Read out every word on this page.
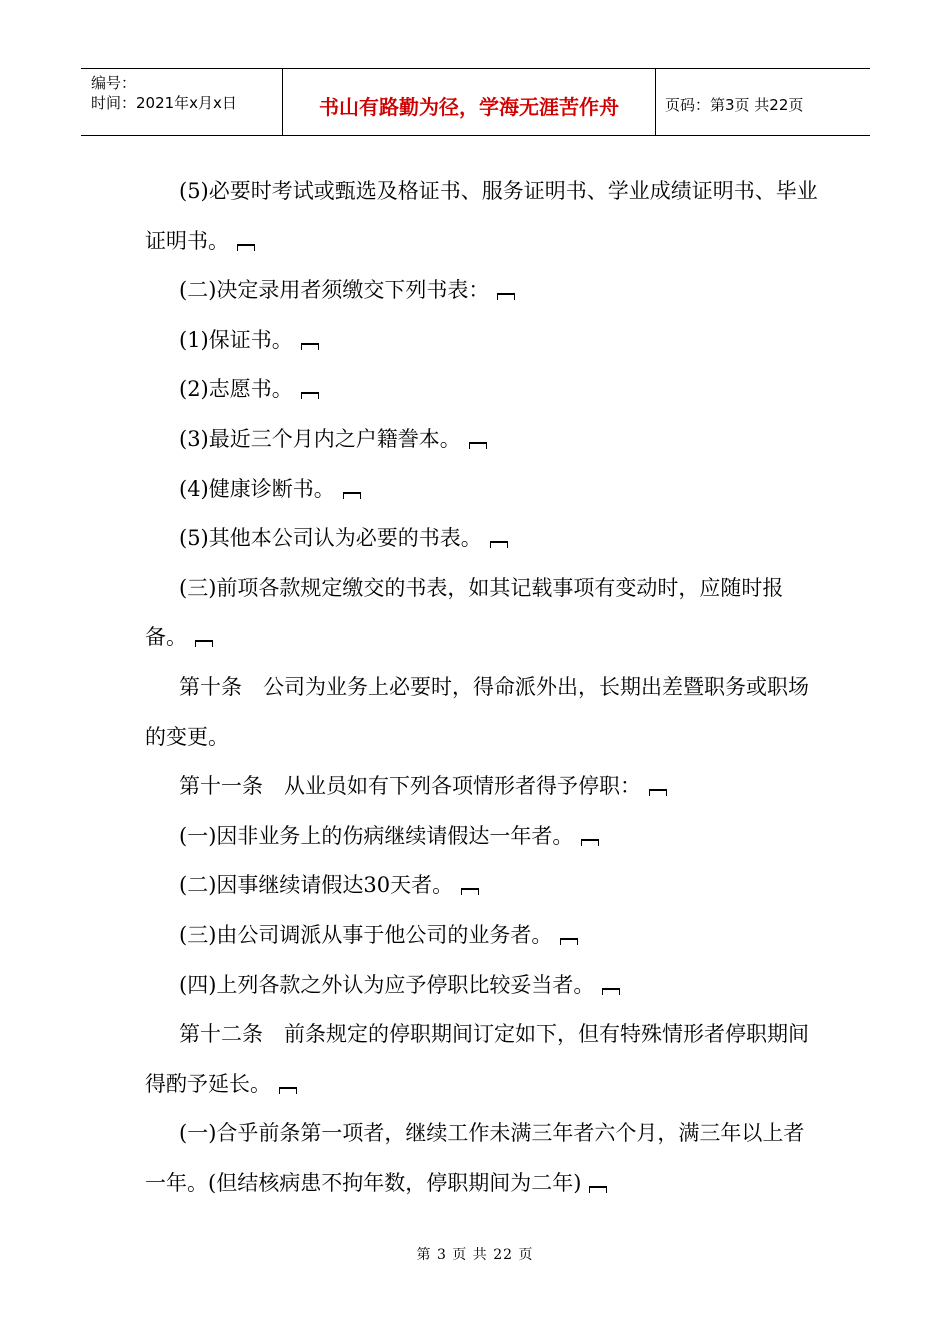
编号：
时间：2021年x月x日	书山有路勤为径，学海无涯苦作舟	页码：第3页 共22页

(5)必要时考试或甄选及格证书、服务证明书、学业成绩证明书、毕业证明书。

(二)决定录用者须缴交下列书表：

(1)保证书。

(2)志愿书。

(3)最近三个月内之户籍誊本。

(4)健康诊断书。

(5)其他本公司认为必要的书表。

(三)前项各款规定缴交的书表，如其记载事项有变动时，应随时报备。

第十条　公司为业务上必要时，得命派外出，长期出差暨职务或职场的变更。

第十一条　从业员如有下列各项情形者得予停职：

(一)因非业务上的伤病继续请假达一年者。

(二)因事继续请假达30天者。

(三)由公司调派从事于他公司的业务者。

(四)上列各款之外认为应予停职比较妥当者。

第十二条　前条规定的停职期间订定如下，但有特殊情形者停职期间得酌予延长。

(一)合乎前条第一项者，继续工作未满三年者六个月，满三年以上者一年。(但结核病患不拘年数，停职期间为二年)

第 3 页 共 22 页
